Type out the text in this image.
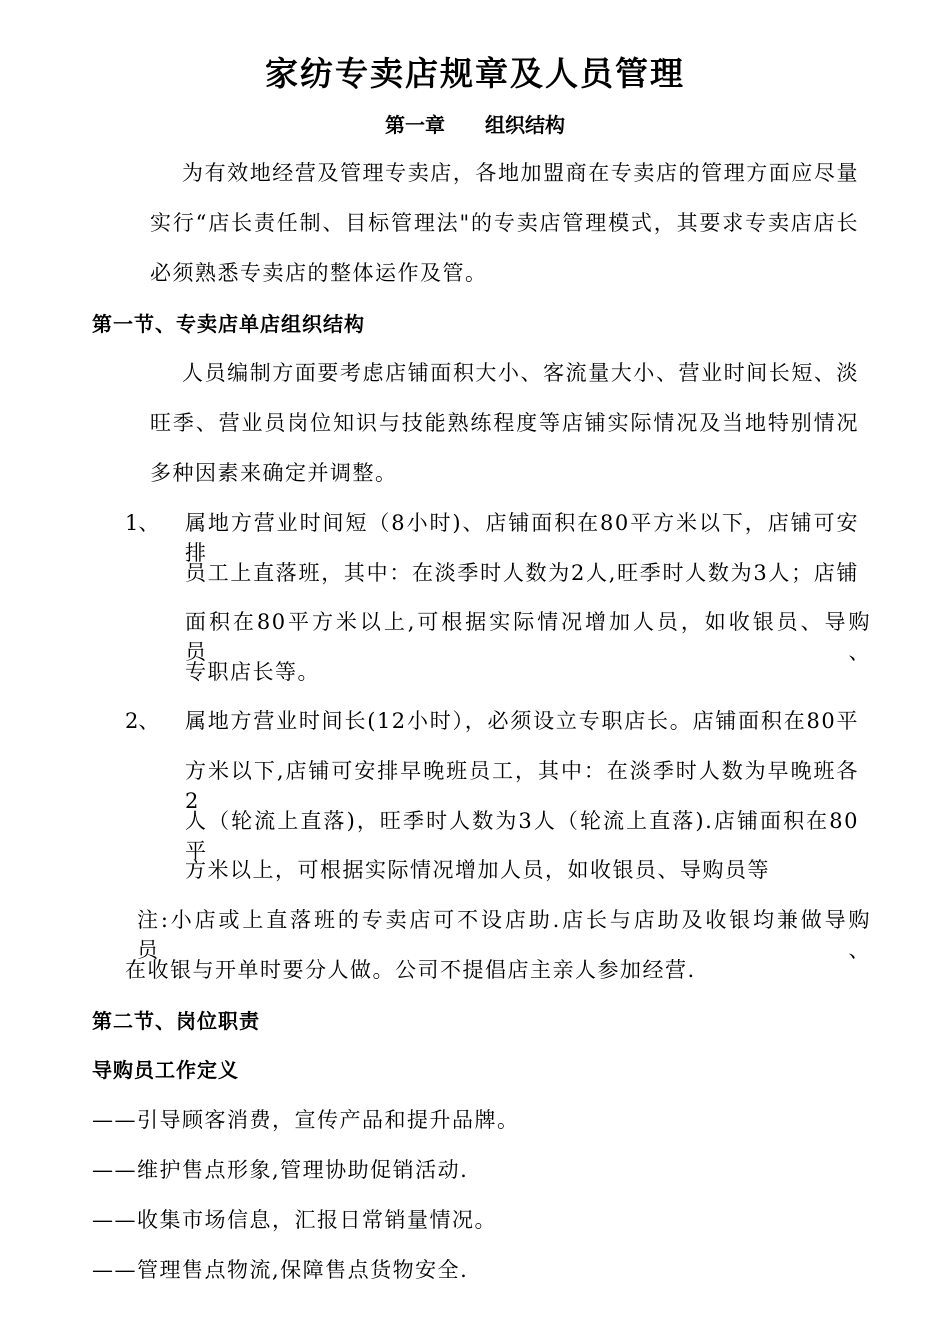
家纺专卖店规章及人员管理
第一章 组织结构
为有效地经营及管理专卖店，各地加盟商在专卖店的管理方面应尽量
实行“店长责任制、目标管理法"的专卖店管理模式，其要求专卖店店长
必须熟悉专卖店的整体运作及管。
第一节、专卖店单店组织结构
人员编制方面要考虑店铺面积大小、客流量大小、营业时间长短、淡
旺季、营业员岗位知识与技能熟练程度等店铺实际情况及当地特别情况
多种因素来确定并调整。
1、 属地方营业时间短（8小时)、店铺面积在80平方米以下，店铺可安排
员工上直落班，其中：在淡季时人数为2人,旺季时人数为3人；店铺
面积在80平方米以上,可根据实际情况增加人员，如收银员、导购员、
专职店长等。
2、 属地方营业时间长(12小时），必须设立专职店长。店铺面积在80平
方米以下,店铺可安排早晚班员工，其中：在淡季时人数为早晚班各2
人（轮流上直落)，旺季时人数为3人（轮流上直落).店铺面积在80平
方米以上，可根据实际情况增加人员，如收银员、导购员等
注:小店或上直落班的专卖店可不设店助.店长与店助及收银均兼做导购员、
在收银与开单时要分人做。公司不提倡店主亲人参加经营.
第二节、岗位职责
导购员工作定义
——引导顾客消费，宣传产品和提升品牌。
——维护售点形象,管理协助促销活动.
——收集市场信息，汇报日常销量情况。
——管理售点物流,保障售点货物安全.
